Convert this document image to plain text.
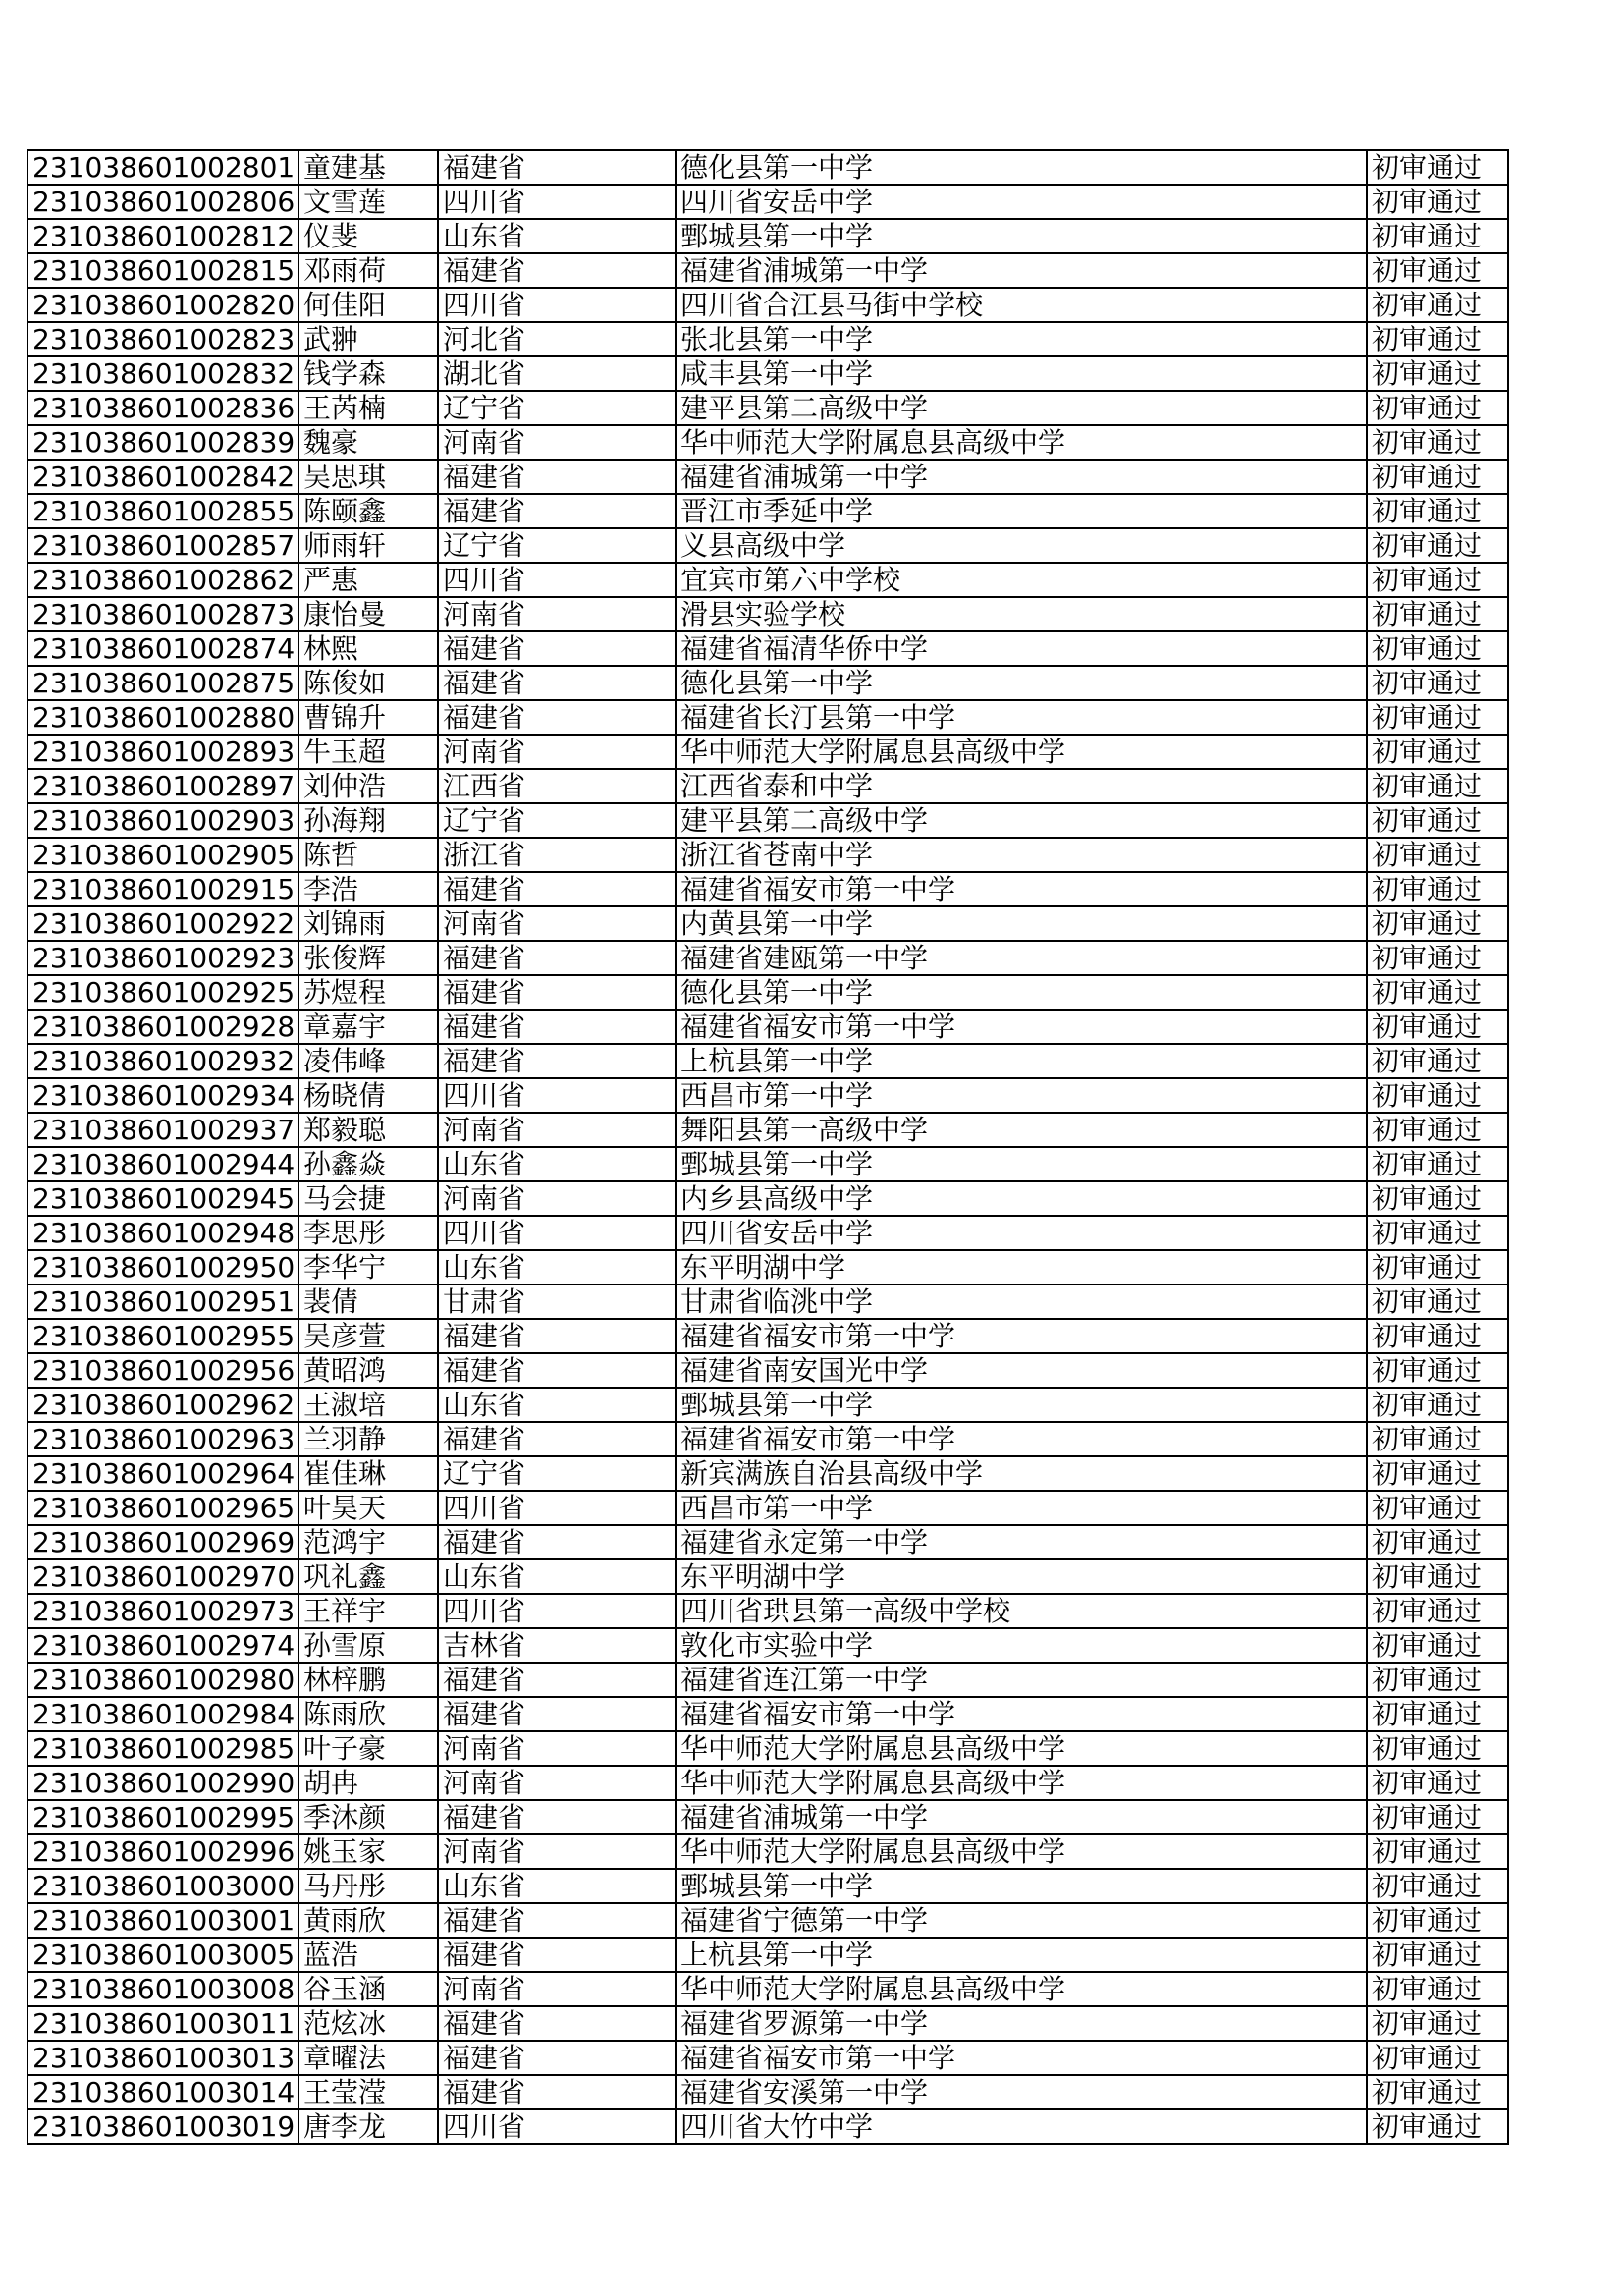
231038601002801	童建基	福建省	德化县第一中学	初审通过
231038601002806	文雪莲	四川省	四川省安岳中学	初审通过
231038601002812	仪斐	山东省	鄄城县第一中学	初审通过
231038601002815	邓雨荷	福建省	福建省浦城第一中学	初审通过
231038601002820	何佳阳	四川省	四川省合江县马街中学校	初审通过
231038601002823	武翀	河北省	张北县第一中学	初审通过
231038601002832	钱学森	湖北省	咸丰县第一中学	初审通过
231038601002836	王芮楠	辽宁省	建平县第二高级中学	初审通过
231038601002839	魏豪	河南省	华中师范大学附属息县高级中学	初审通过
231038601002842	吴思琪	福建省	福建省浦城第一中学	初审通过
231038601002855	陈颐鑫	福建省	晋江市季延中学	初审通过
231038601002857	师雨轩	辽宁省	义县高级中学	初审通过
231038601002862	严惠	四川省	宜宾市第六中学校	初审通过
231038601002873	康怡曼	河南省	滑县实验学校	初审通过
231038601002874	林熙	福建省	福建省福清华侨中学	初审通过
231038601002875	陈俊如	福建省	德化县第一中学	初审通过
231038601002880	曹锦升	福建省	福建省长汀县第一中学	初审通过
231038601002893	牛玉超	河南省	华中师范大学附属息县高级中学	初审通过
231038601002897	刘仲浩	江西省	江西省泰和中学	初审通过
231038601002903	孙海翔	辽宁省	建平县第二高级中学	初审通过
231038601002905	陈哲	浙江省	浙江省苍南中学	初审通过
231038601002915	李浩	福建省	福建省福安市第一中学	初审通过
231038601002922	刘锦雨	河南省	内黄县第一中学	初审通过
231038601002923	张俊辉	福建省	福建省建瓯第一中学	初审通过
231038601002925	苏煜程	福建省	德化县第一中学	初审通过
231038601002928	章嘉宇	福建省	福建省福安市第一中学	初审通过
231038601002932	凌伟峰	福建省	上杭县第一中学	初审通过
231038601002934	杨晓倩	四川省	西昌市第一中学	初审通过
231038601002937	郑毅聪	河南省	舞阳县第一高级中学	初审通过
231038601002944	孙鑫焱	山东省	鄄城县第一中学	初审通过
231038601002945	马会捷	河南省	内乡县高级中学	初审通过
231038601002948	李思彤	四川省	四川省安岳中学	初审通过
231038601002950	李华宁	山东省	东平明湖中学	初审通过
231038601002951	裴倩	甘肃省	甘肃省临洮中学	初审通过
231038601002955	吴彦萱	福建省	福建省福安市第一中学	初审通过
231038601002956	黄昭鸿	福建省	福建省南安国光中学	初审通过
231038601002962	王淑培	山东省	鄄城县第一中学	初审通过
231038601002963	兰羽静	福建省	福建省福安市第一中学	初审通过
231038601002964	崔佳琳	辽宁省	新宾满族自治县高级中学	初审通过
231038601002965	叶昊天	四川省	西昌市第一中学	初审通过
231038601002969	范鸿宇	福建省	福建省永定第一中学	初审通过
231038601002970	巩礼鑫	山东省	东平明湖中学	初审通过
231038601002973	王祥宇	四川省	四川省珙县第一高级中学校	初审通过
231038601002974	孙雪原	吉林省	敦化市实验中学	初审通过
231038601002980	林梓鹏	福建省	福建省连江第一中学	初审通过
231038601002984	陈雨欣	福建省	福建省福安市第一中学	初审通过
231038601002985	叶子豪	河南省	华中师范大学附属息县高级中学	初审通过
231038601002990	胡冉	河南省	华中师范大学附属息县高级中学	初审通过
231038601002995	季沐颜	福建省	福建省浦城第一中学	初审通过
231038601002996	姚玉家	河南省	华中师范大学附属息县高级中学	初审通过
231038601003000	马丹彤	山东省	鄄城县第一中学	初审通过
231038601003001	黄雨欣	福建省	福建省宁德第一中学	初审通过
231038601003005	蓝浩	福建省	上杭县第一中学	初审通过
231038601003008	谷玉涵	河南省	华中师范大学附属息县高级中学	初审通过
231038601003011	范炫冰	福建省	福建省罗源第一中学	初审通过
231038601003013	章曜法	福建省	福建省福安市第一中学	初审通过
231038601003014	王莹滢	福建省	福建省安溪第一中学	初审通过
231038601003019	唐李龙	四川省	四川省大竹中学	初审通过
